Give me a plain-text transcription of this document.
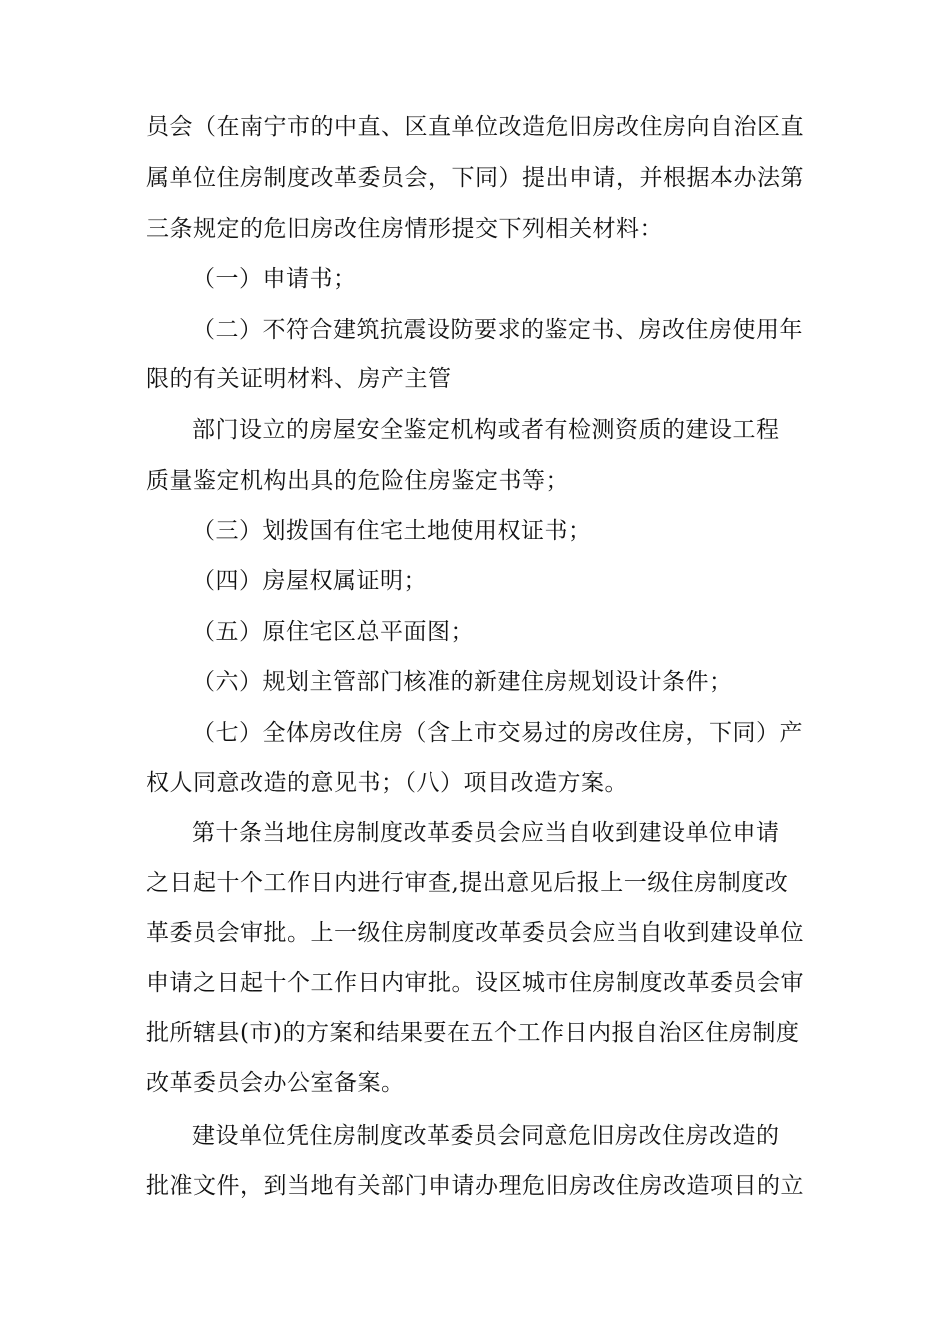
员会（在南宁市的中直、区直单位改造危旧房改住房向自治区直
属单位住房制度改革委员会，下同）提出申请，并根据本办法第
三条规定的危旧房改住房情形提交下列相关材料：
（一）申请书；
（二）不符合建筑抗震设防要求的鉴定书、房改住房使用年
限的有关证明材料、房产主管
部门设立的房屋安全鉴定机构或者有检测资质的建设工程
质量鉴定机构出具的危险住房鉴定书等；
（三）划拨国有住宅土地使用权证书；
（四）房屋权属证明；
（五）原住宅区总平面图；
（六）规划主管部门核准的新建住房规划设计条件；
（七）全体房改住房（含上市交易过的房改住房，下同）产
权人同意改造的意见书；（八）项目改造方案。
第十条当地住房制度改革委员会应当自收到建设单位申请
之日起十个工作日内进行审查,提出意见后报上一级住房制度改
革委员会审批。上一级住房制度改革委员会应当自收到建设单位
申请之日起十个工作日内审批。设区城市住房制度改革委员会审
批所辖县(市)的方案和结果要在五个工作日内报自治区住房制度
改革委员会办公室备案。
建设单位凭住房制度改革委员会同意危旧房改住房改造的
批准文件，到当地有关部门申请办理危旧房改住房改造项目的立
